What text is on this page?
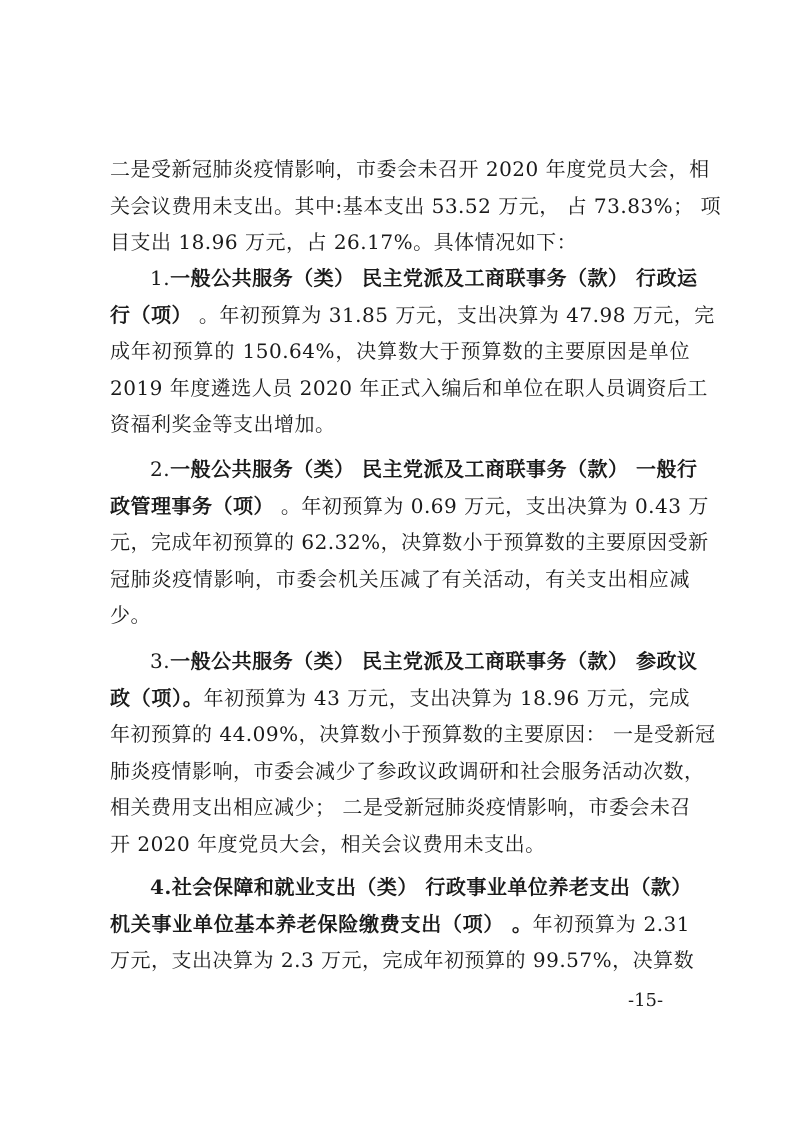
二是受新冠肺炎疫情影响，市委会未召开 2020 年度党员大会，相
关会议费用未支出。其中:基本支出 53.52 万元， 占 73.83%； 项
目支出 18.96 万元，占 26.17%。具体情况如下：
1.一般公共服务（类） 民主党派及工商联事务（款） 行政运
行（项） 。年初预算为 31.85 万元，支出决算为 47.98 万元，完
成年初预算的 150.64%，决算数大于预算数的主要原因是单位
2019 年度遴选人员 2020 年正式入编后和单位在职人员调资后工
资福利奖金等支出增加。
2.一般公共服务（类） 民主党派及工商联事务（款） 一般行
政管理事务（项） 。年初预算为 0.69 万元，支出决算为 0.43 万
元，完成年初预算的 62.32%，决算数小于预算数的主要原因受新
冠肺炎疫情影响，市委会机关压减了有关活动，有关支出相应减
少。
3.一般公共服务（类） 民主党派及工商联事务（款） 参政议
政（项）。年初预算为 43 万元，支出决算为 18.96 万元，完成
年初预算的 44.09%，决算数小于预算数的主要原因： 一是受新冠
肺炎疫情影响，市委会减少了参政议政调研和社会服务活动次数，
相关费用支出相应减少； 二是受新冠肺炎疫情影响，市委会未召
开 2020 年度党员大会，相关会议费用未支出。
4.社会保障和就业支出（类） 行政事业单位养老支出（款）
机关事业单位基本养老保险缴费支出（项） 。年初预算为 2.31
万元，支出决算为 2.3 万元，完成年初预算的 99.57%，决算数
-15-
